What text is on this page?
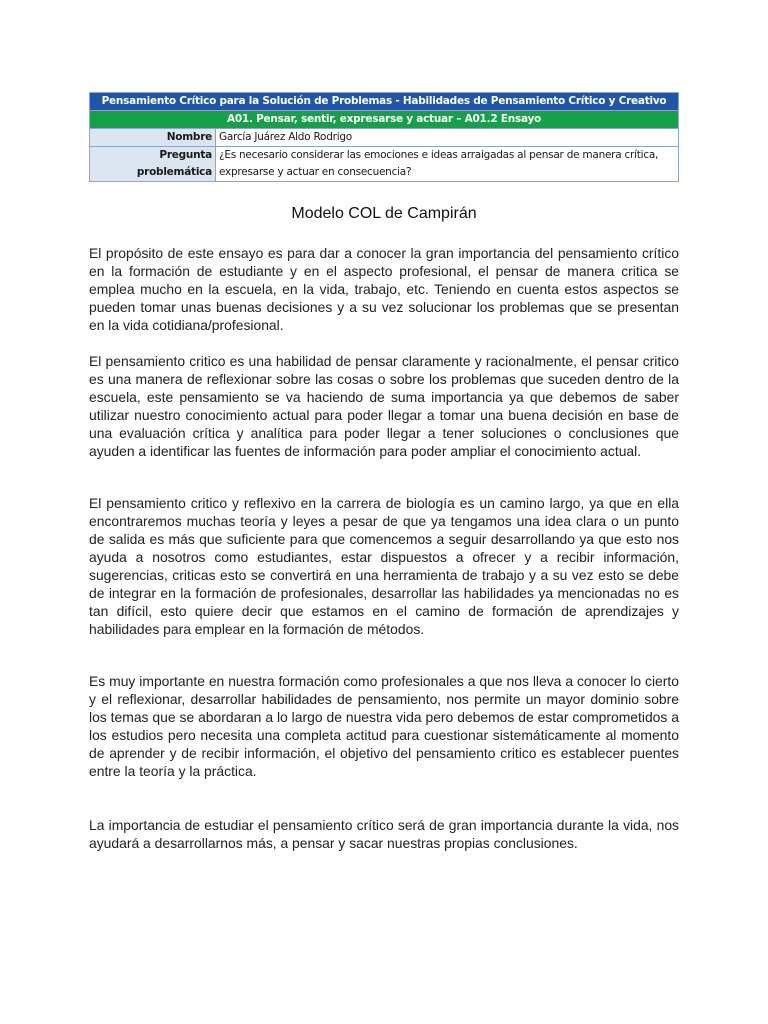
Pensamiento Crítico para la Solución de Problemas - Habilidades de Pensamiento Crítico y Creativo	
A01. Pensar, sentir, expresarse y actuar – A01.2 Ensayo	
Nombre	García Juárez Aldo Rodrigo
Pregunta
problemática	¿Es necesario considerar las emociones e ideas arraigadas al pensar de manera crítica, expresarse y actuar en consecuencia?
Modelo COL de Campirán

El propósito de este ensayo es para dar a conocer la gran importancia del pensamiento crítico en la formación de estudiante y en el aspecto profesional, el pensar de manera critica se emplea mucho en la escuela, en la vida, trabajo, etc. Teniendo en cuenta estos aspectos se pueden tomar unas buenas decisiones y a su vez solucionar los problemas que se presentan en la vida cotidiana/profesional.

El pensamiento critico es una habilidad de pensar claramente y racionalmente, el pensar critico es una manera de reflexionar sobre las cosas o sobre los problemas que suceden dentro de la escuela, este pensamiento se va haciendo de suma importancia ya que debemos de saber utilizar nuestro conocimiento actual para poder llegar a tomar una buena decisión en base de una evaluación crítica y analítica para poder llegar a tener soluciones o conclusiones que ayuden a identificar las fuentes de información para poder ampliar el conocimiento actual.

El pensamiento critico y reflexivo en la carrera de biología es un camino largo, ya que en ella encontraremos muchas teoría y leyes a pesar de que ya tengamos una idea clara o un punto de salida es más que suficiente para que comencemos a seguir desarrollando ya que esto nos ayuda a nosotros como estudiantes, estar dispuestos a ofrecer y a recibir información, sugerencias, criticas esto se convertirá en una herramienta de trabajo y a su vez esto se debe de integrar en la formación de profesionales, desarrollar las habilidades ya mencionadas no es tan difícil, esto quiere decir que estamos en el camino de formación de aprendizajes y habilidades para emplear en la formación de métodos.

Es muy importante en nuestra formación como profesionales a que nos lleva a conocer lo cierto y el reflexionar, desarrollar habilidades de pensamiento, nos permite un mayor dominio sobre los temas que se abordaran a lo largo de nuestra vida pero debemos de estar comprometidos a los estudios pero necesita una completa actitud para cuestionar sistemáticamente al momento de aprender y de recibir información, el objetivo del pensamiento critico es establecer puentes entre la teoría y la práctica.

La importancia de estudiar el pensamiento crítico será de gran importancia durante la vida, nos ayudará a desarrollarnos más, a pensar y sacar nuestras propias conclusiones.
